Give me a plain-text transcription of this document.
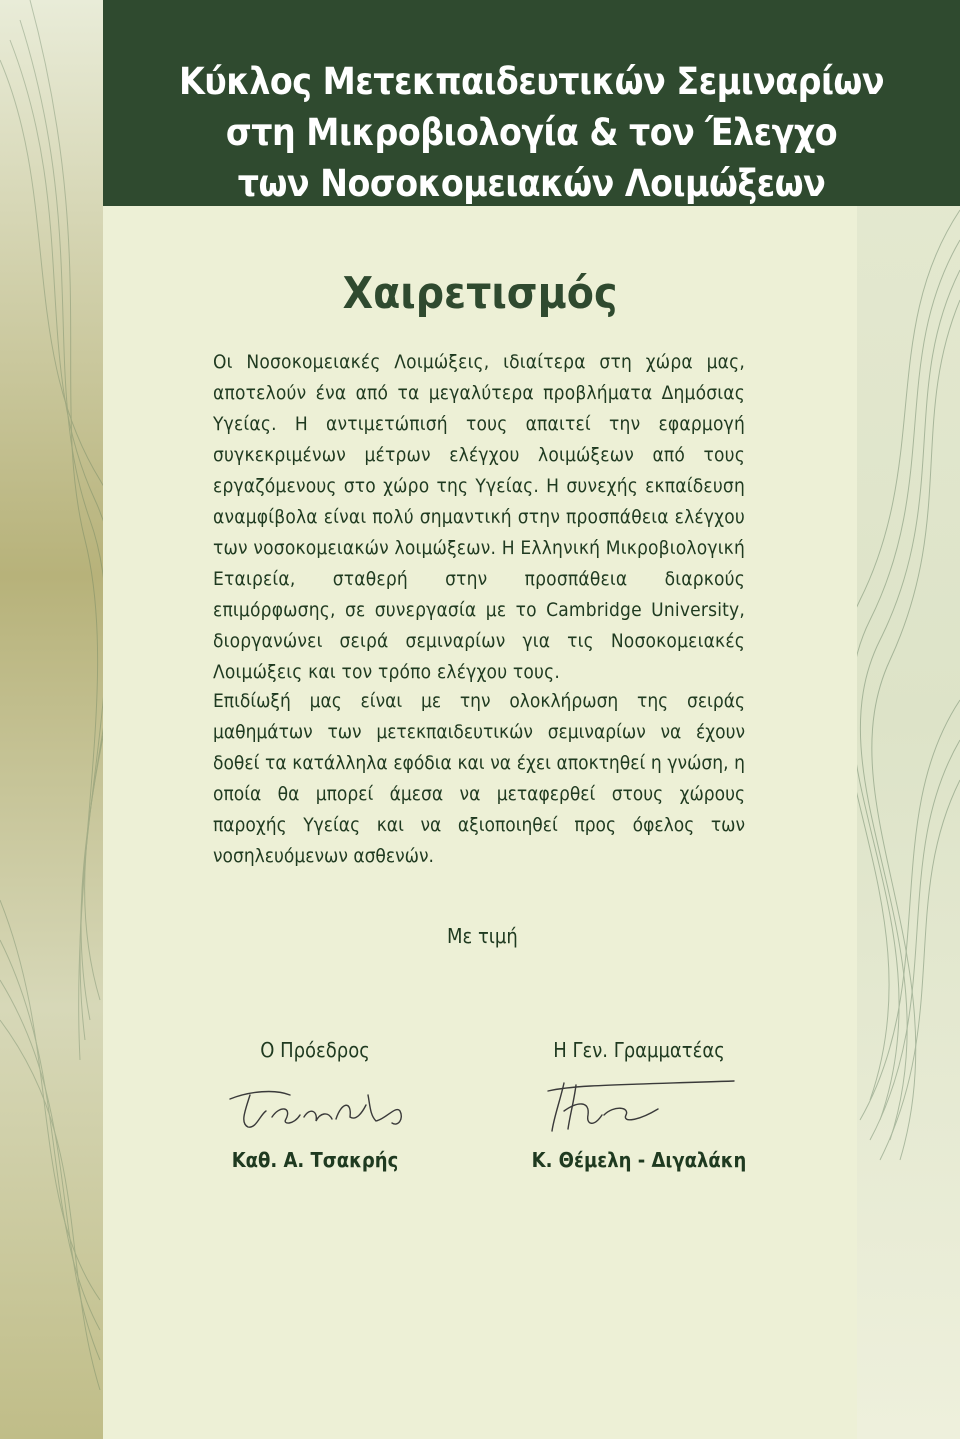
Κύκλος Μετεκπαιδευτικών Σεμιναρίων
στη Μικροβιολογία & τον Έλεγχο
των Νοσοκομειακών Λοιμώξεων
Χαιρετισμός

Οι Νοσοκομειακές Λοιμώξεις, ιδιαίτερα στη χώρα μας, αποτελούν ένα από τα μεγαλύτερα προβλήματα Δημόσιας Υγείας. Η αντιμετώπισή τους απαιτεί την εφαρμογή συγκεκριμένων μέτρων ελέγχου λοιμώξεων από τους εργαζόμενους στο χώρο της Υγείας. Η συνεχής εκπαίδευση αναμφίβολα είναι πολύ σημαντική στην προσπάθεια ελέγχου των νοσοκομειακών λοιμώξεων. Η Ελληνική Μικροβιολογική Εταιρεία, σταθερή στην προσπάθεια διαρκούς επιμόρφωσης, σε συνεργασία με το Cambridge University, διοργανώνει σειρά σεμιναρίων για τις Νοσοκομειακές Λοιμώξεις και τον τρόπο ελέγχου τους.

Επιδίωξή μας είναι με την ολοκλήρωση της σειράς μαθημάτων των μετεκπαιδευτικών σεμιναρίων να έχουν δοθεί τα κατάλληλα εφόδια και να έχει αποκτηθεί η γνώση, η οποία θα μπορεί άμεσα να μεταφερθεί στους χώρους παροχής Υγείας και να αξιοποιηθεί προς όφελος των νοσηλευόμενων ασθενών.

Με τιμή
Ο Πρόεδρος
Καθ. Α. Τσακρής
Η Γεν. Γραμματέας
Κ. Θέμελη - Διγαλάκη
